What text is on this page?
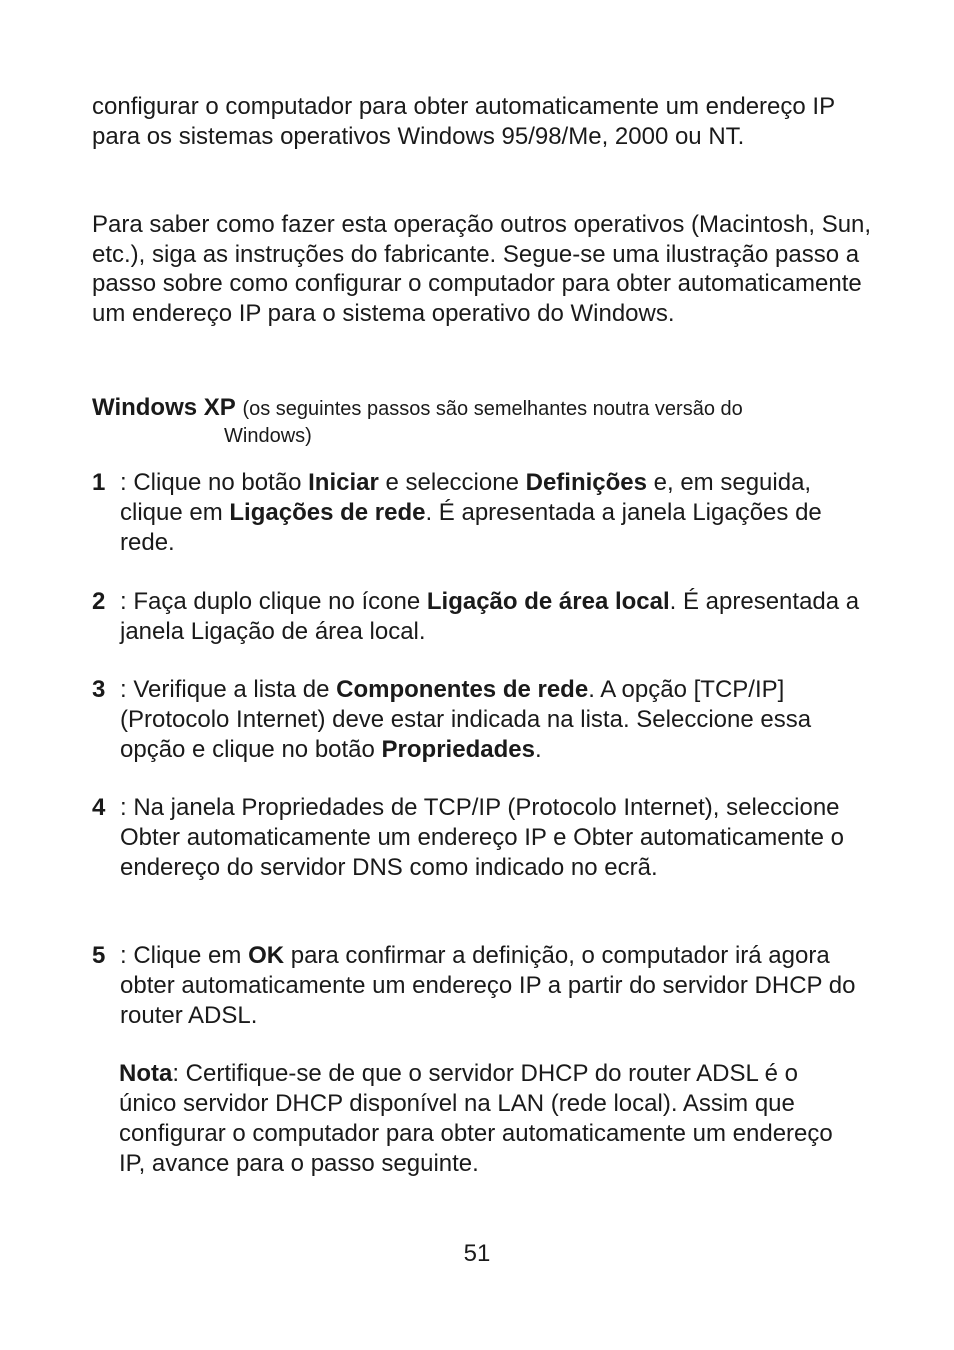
configurar o computador para obter automaticamente um endereço IP para os sistemas operativos Windows 95/98/Me, 2000 ou NT.
Para saber como fazer esta operação outros operativos (Macintosh, Sun, etc.), siga as instruções do fabricante. Segue-se uma ilustração passo a passo sobre como configurar o computador para obter automaticamente um endereço IP para o sistema operativo do Windows.
Windows XP (os seguintes passos são semelhantes noutra versão do
Windows)
1 : Clique no botão Iniciar e seleccione Definições e, em seguida, clique em Ligações de rede. É apresentada a janela Ligações de rede.
2 : Faça duplo clique no ícone Ligação de área local. É apresentada a janela Ligação de área local.
3 : Verifique a lista de Componentes de rede. A opção [TCP/IP] (Protocolo Internet) deve estar indicada na lista. Seleccione essa opção e clique no botão Propriedades.
4 : Na janela Propriedades de TCP/IP (Protocolo Internet), seleccione Obter automaticamente um endereço IP e Obter automaticamente o endereço do servidor DNS como indicado no ecrã.
5 : Clique em OK para confirmar a definição, o computador irá agora obter automaticamente um endereço IP a partir do servidor DHCP do router ADSL.
Nota: Certifique-se de que o servidor DHCP do router ADSL é o único servidor DHCP disponível na LAN (rede local). Assim que configurar o computador para obter automaticamente um endereço IP, avance para o passo seguinte.
51
